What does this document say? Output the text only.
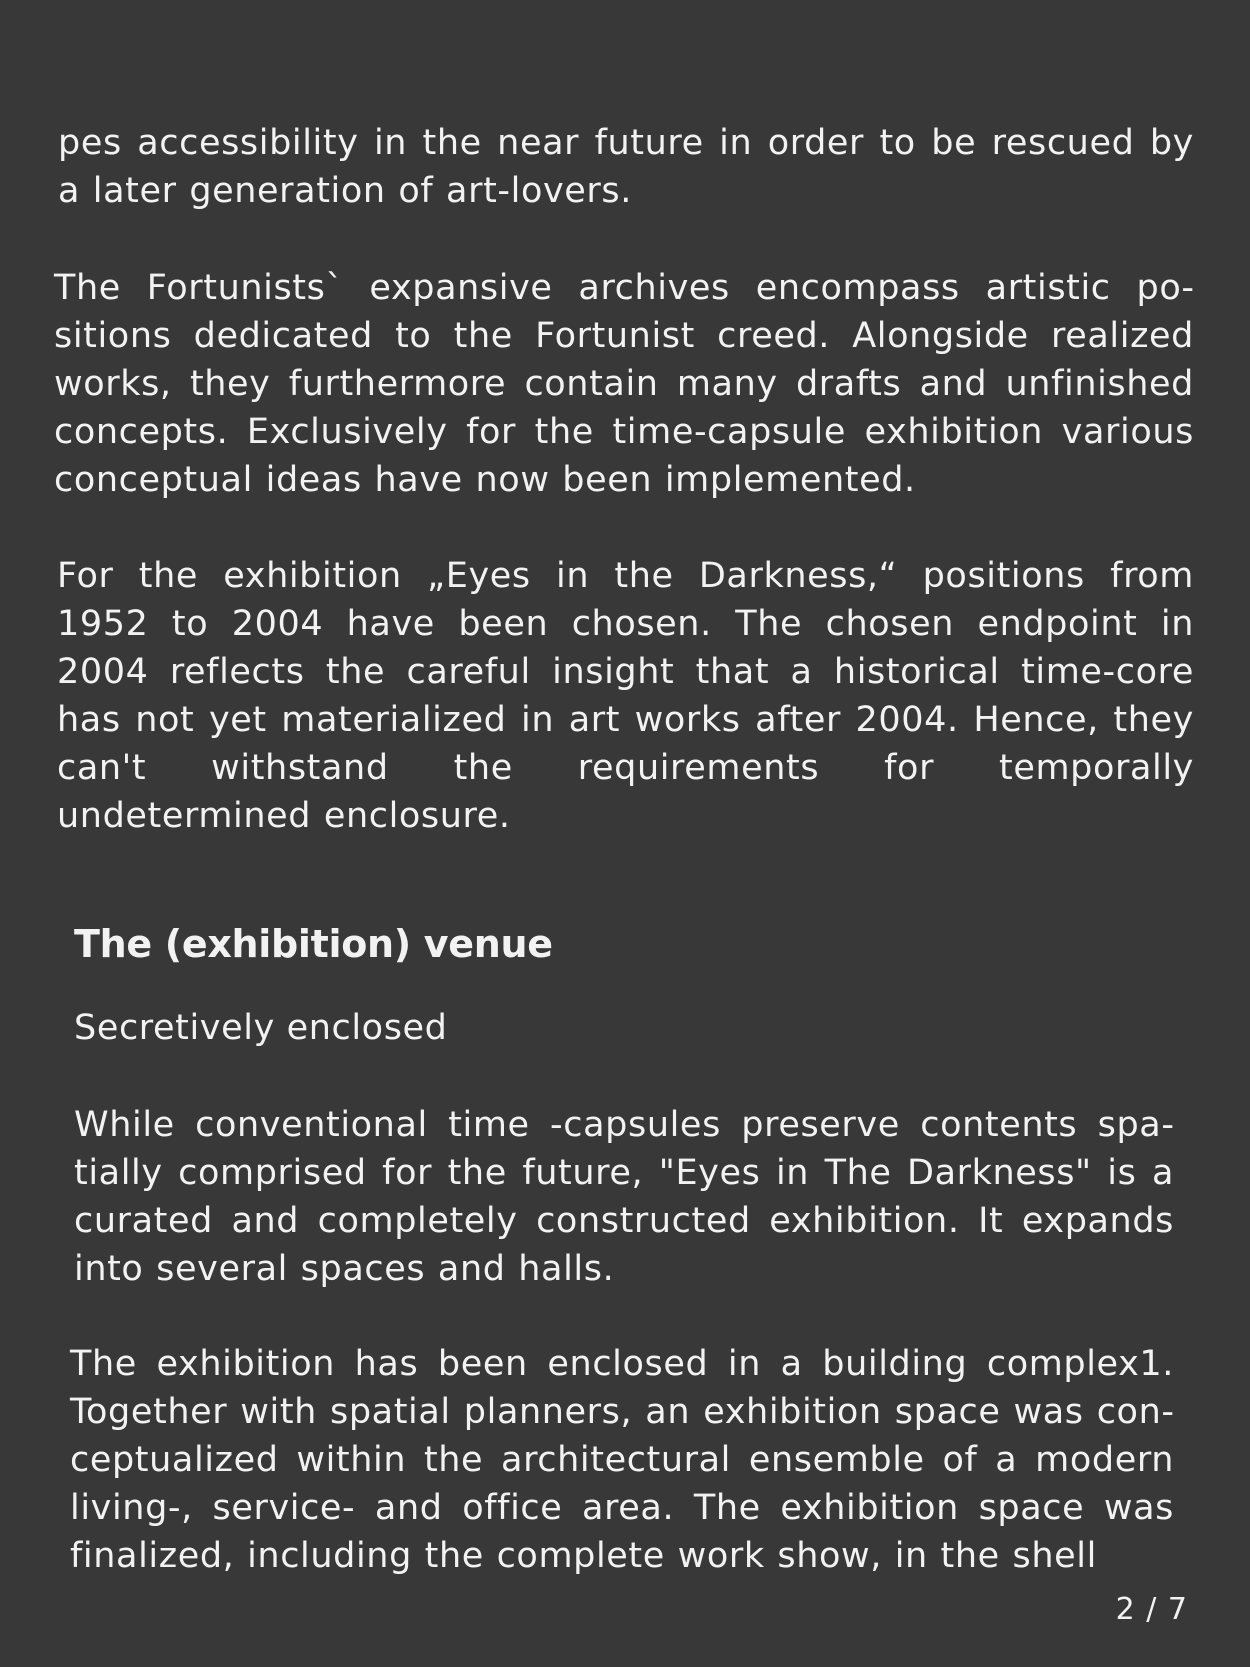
pes accessibility in the near future in order to be rescued by a later generation of art-lovers.

The Fortunists` expansive archives encompass artistic positions dedicated to the Fortunist creed. Alongside realized works, they furthermore contain many drafts and unfinished concepts. Exclusively for the time-capsule exhibition various conceptual ideas have now been implemented.

For the exhibition „Eyes in the Darkness,“ positions from 1952 to 2004 have been chosen. The chosen endpoint in 2004 reflects the careful insight that a historical time-core has not yet materialized in art works after 2004. Hence, they can't withstand the requirements for temporally undetermined enclosure.

The (exhibition) venue
Secretively enclosed

While conventional time -capsules preserve contents spatially comprised for the future, "Eyes in The Darkness" is a curated and completely constructed exhibition. It expands into several spaces and halls.

The exhibition has been enclosed in a building complex1. Together with spatial planners, an exhibition space was conceptualized within the architectural ensemble of a modern living-, service- and office area. The exhibition space was finalized, including the complete work show, in the shell

2 / 7
